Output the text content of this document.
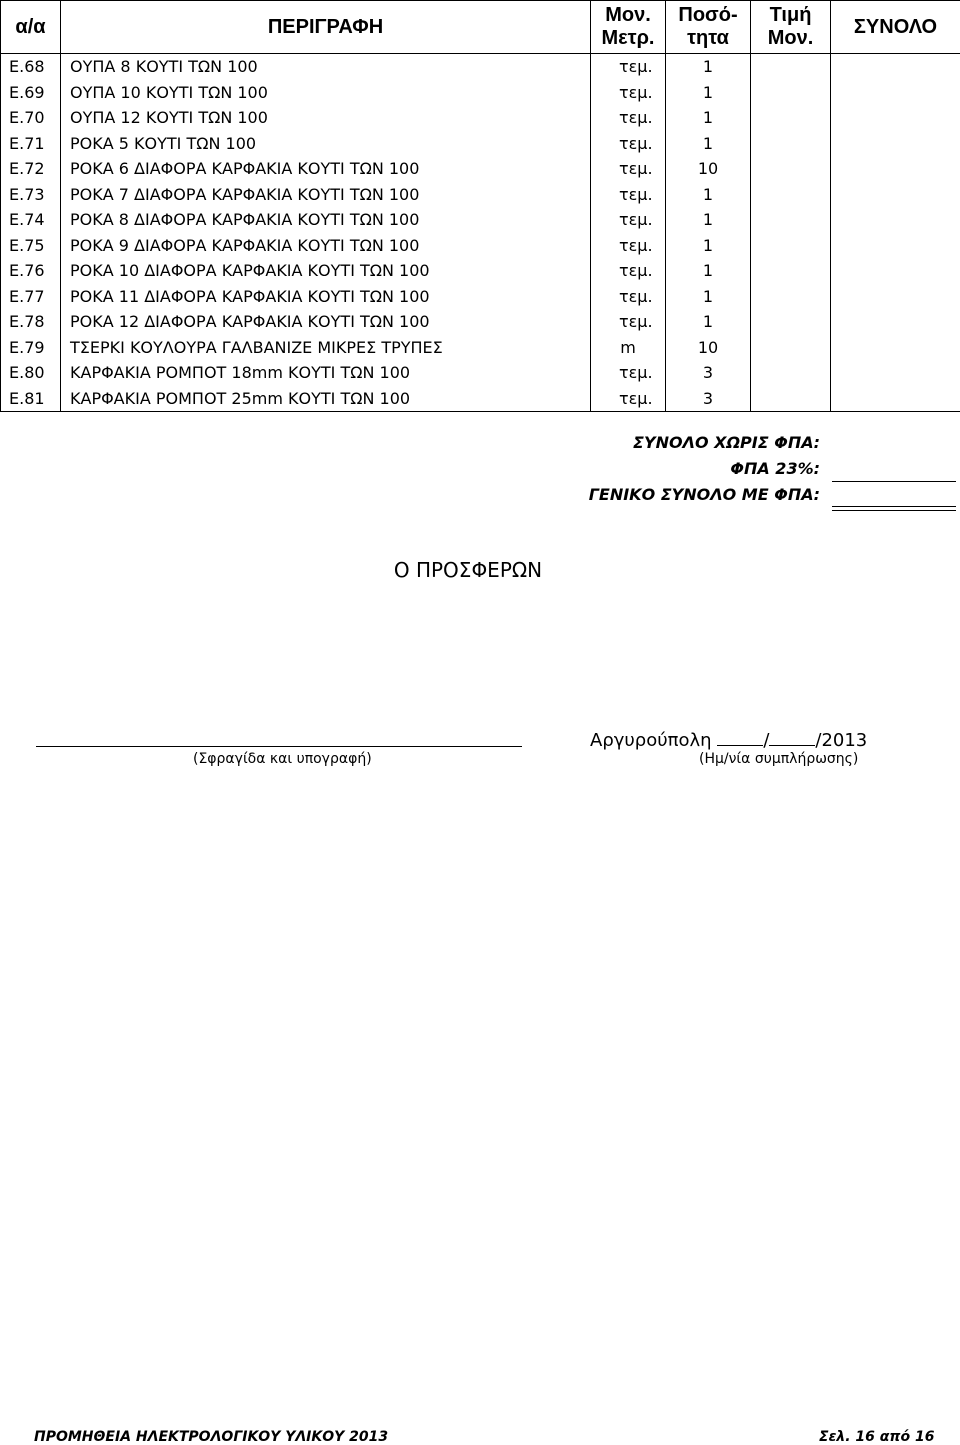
α/α	ΠΕΡΙΓΡΑΦΗ	Μον. Μετρ.	Ποσό-τητα	Τιμή Μον.	ΣΥΝΟΛΟ
Ε.68	ΟΥΠΑ 8 ΚΟΥΤΙ ΤΩΝ 100	τεμ.	1		
Ε.69	ΟΥΠΑ 10 ΚΟΥΤΙ ΤΩΝ 100	τεμ.	1		
Ε.70	ΟΥΠΑ 12 ΚΟΥΤΙ ΤΩΝ 100	τεμ.	1		
Ε.71	ΡΟΚΑ 5 ΚΟΥΤΙ ΤΩΝ 100	τεμ.	1		
Ε.72	ΡΟΚΑ 6 ΔΙΑΦΟΡΑ ΚΑΡΦΑΚΙΑ ΚΟΥΤΙ ΤΩΝ 100	τεμ.	10		
Ε.73	ΡΟΚΑ 7 ΔΙΑΦΟΡΑ ΚΑΡΦΑΚΙΑ ΚΟΥΤΙ ΤΩΝ 100	τεμ.	1		
Ε.74	ΡΟΚΑ 8 ΔΙΑΦΟΡΑ ΚΑΡΦΑΚΙΑ ΚΟΥΤΙ ΤΩΝ 100	τεμ.	1		
Ε.75	ΡΟΚΑ 9 ΔΙΑΦΟΡΑ ΚΑΡΦΑΚΙΑ ΚΟΥΤΙ ΤΩΝ 100	τεμ.	1		
Ε.76	ΡΟΚΑ 10 ΔΙΑΦΟΡΑ ΚΑΡΦΑΚΙΑ ΚΟΥΤΙ ΤΩΝ 100	τεμ.	1		
Ε.77	ΡΟΚΑ 11 ΔΙΑΦΟΡΑ ΚΑΡΦΑΚΙΑ ΚΟΥΤΙ ΤΩΝ 100	τεμ.	1		
Ε.78	ΡΟΚΑ 12 ΔΙΑΦΟΡΑ ΚΑΡΦΑΚΙΑ ΚΟΥΤΙ ΤΩΝ 100	τεμ.	1		
Ε.79	ΤΣΕΡΚΙ ΚΟΥΛΟΥΡΑ ΓΑΛΒΑΝΙΖΕ ΜΙΚΡΕΣ ΤΡΥΠΕΣ	m	10		
Ε.80	ΚΑΡΦΑΚΙΑ ΡΟΜΠΟΤ 18mm ΚΟΥΤΙ ΤΩΝ 100	τεμ.	3		
Ε.81	ΚΑΡΦΑΚΙΑ ΡΟΜΠΟΤ 25mm ΚΟΥΤΙ ΤΩΝ 100	τεμ.	3		
ΣΥΝΟΛΟ ΧΩΡΙΣ ΦΠΑ:
ΦΠΑ 23%:
ΓΕΝΙΚΟ ΣΥΝΟΛΟ ΜΕ ΦΠΑ:
Ο ΠΡΟΣΦΕΡΩΝ
(Σφραγίδα και υπογραφή)
Αργυρούπολη	/	/2013
(Ημ/νία συμπλήρωσης)
ΠΡΟΜΗΘΕΙΑ ΗΛΕΚΤΡΟΛΟΓΙΚΟΥ ΥΛΙΚΟΥ 2013	Σελ. 16 από 16
